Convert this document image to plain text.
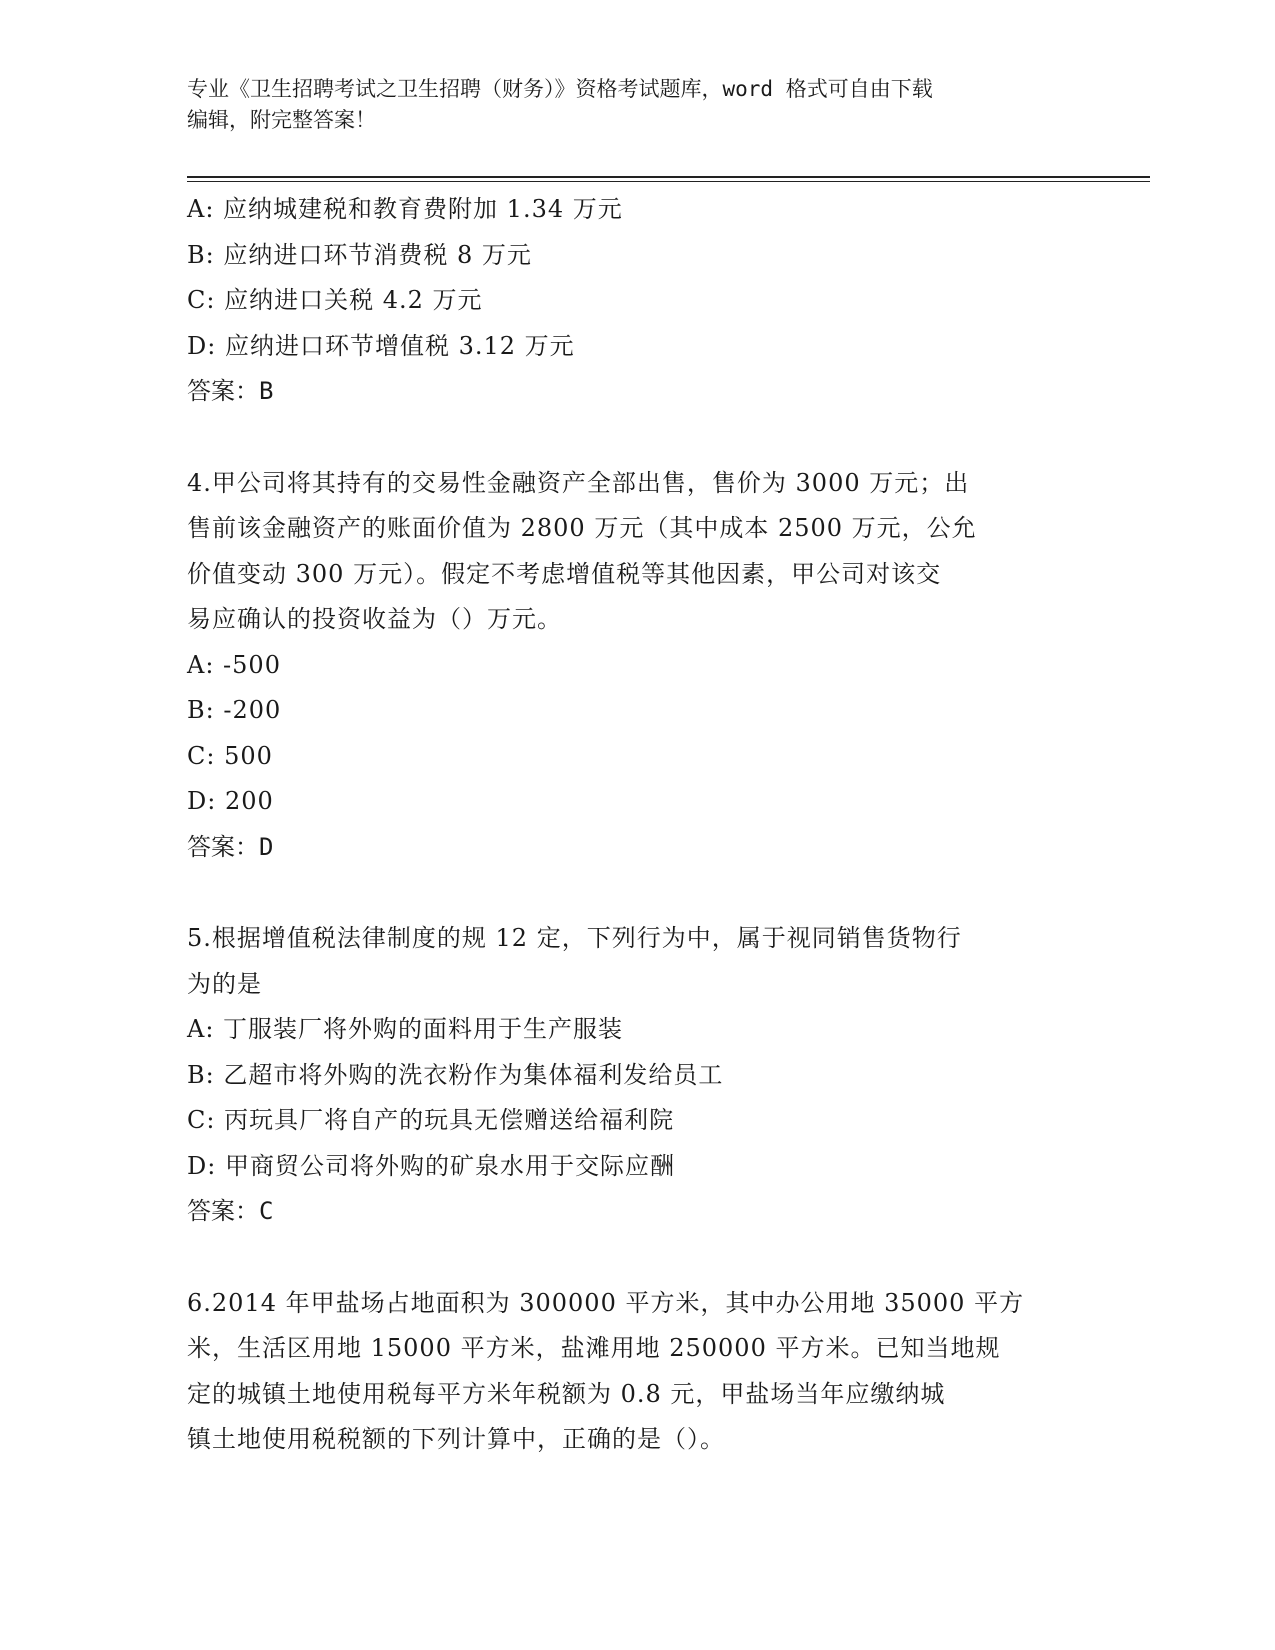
专业《卫生招聘考试之卫生招聘（财务）》资格考试题库，word 格式可自由下载
编辑，附完整答案！
A: 应纳城建税和教育费附加 1.34 万元
B: 应纳进口环节消费税 8 万元
C: 应纳进口关税 4.2 万元
D: 应纳进口环节增值税 3.12 万元
答案：B
4.甲公司将其持有的交易性金融资产全部出售，售价为 3000 万元；出
售前该金融资产的账面价值为 2800 万元（其中成本 2500 万元，公允
价值变动 300 万元）。假定不考虑增值税等其他因素，甲公司对该交
易应确认的投资收益为（）万元。
A: -500
B: -200
C: 500
D: 200
答案：D
5.根据增值税法律制度的规 12 定，下列行为中，属于视同销售货物行
为的是
A: 丁服装厂将外购的面料用于生产服装
B: 乙超市将外购的洗衣粉作为集体福利发给员工
C: 丙玩具厂将自产的玩具无偿赠送给福利院
D: 甲商贸公司将外购的矿泉水用于交际应酬
答案：C
6.2014 年甲盐场占地面积为 300000 平方米，其中办公用地 35000 平方
米，生活区用地 15000 平方米，盐滩用地 250000 平方米。已知当地规
定的城镇土地使用税每平方米年税额为 0.8 元，甲盐场当年应缴纳城
镇土地使用税税额的下列计算中，正确的是（）。
